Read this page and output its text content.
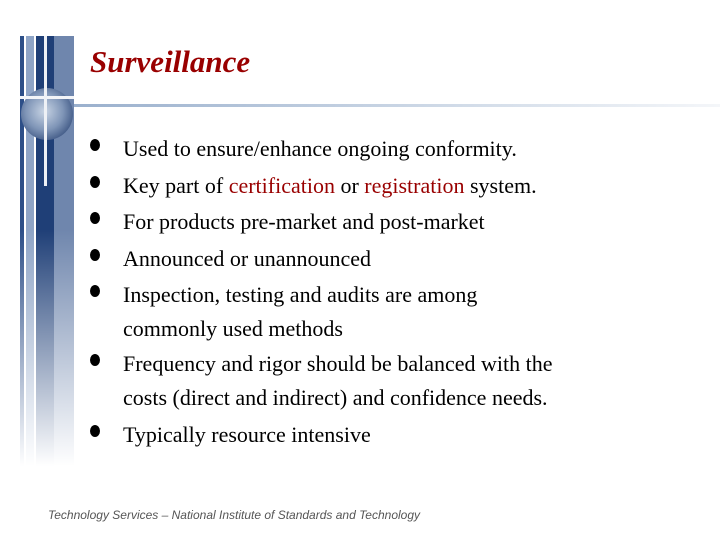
Surveillance
Used to ensure/enhance ongoing conformity.
Key part of certification or registration system.
For products pre-market and post-market
Announced or unannounced
Inspection, testing and audits are among
commonly used methods
Frequency and rigor should be balanced with the
costs (direct and indirect) and confidence needs.
Typically resource intensive
Technology Services – National Institute of Standards and Technology
